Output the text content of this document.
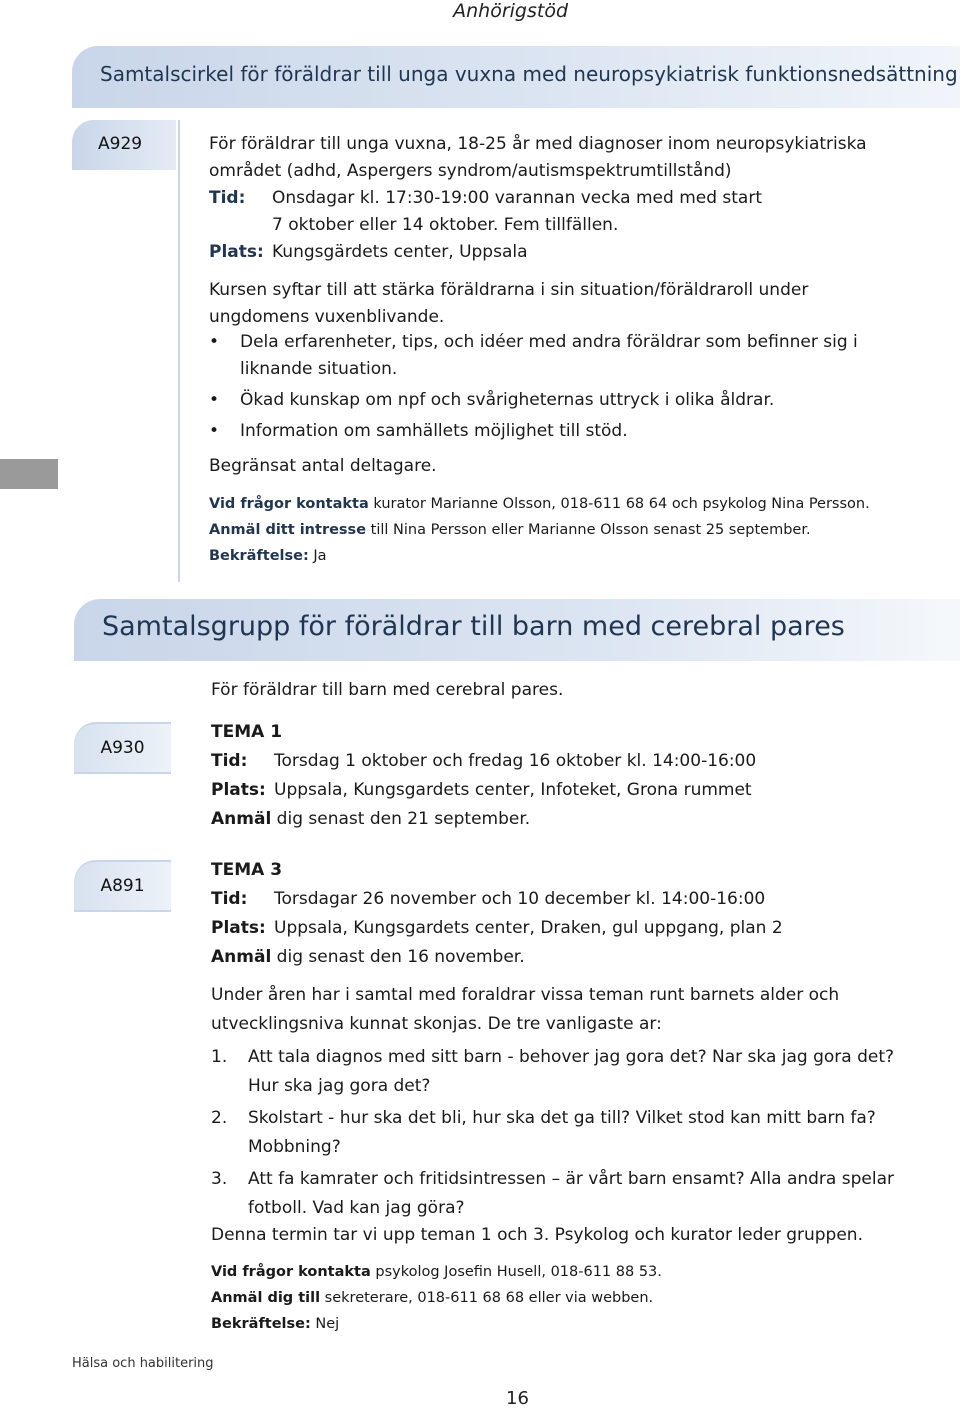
Anhörigstöd
Samtalscirkel för föräldrar till unga vuxna med neuropsykiatrisk funktionsnedsättning
A929	För föräldrar till unga vuxna, 18-25 år med diagnoser inom neuropsykiatriska
området (adhd, Aspergers syndrom/autismspektrumtillstånd)
Tid: Onsdagar kl. 17:30-19:00 varannan vecka med med start
7 oktober eller 14 oktober. Fem tillfällen.
Plats: Kungsgärdets center, Uppsala
Kursen syftar till att stärka föräldrarna i sin situation/föräldraroll under
ungdomens vuxenblivande.
• Dela erfarenheter, tips, och idéer med andra föräldrar som befinner sig i
liknande situation.
• Ökad kunskap om npf och svårigheternas uttryck i olika åldrar.
• Information om samhällets möjlighet till stöd.
Begränsat antal deltagare.
Vid frågor kontakta kurator Marianne Olsson, 018-611 68 64 och psykolog Nina Persson.
Anmäl ditt intresse till Nina Persson eller Marianne Olsson senast 25 september.
Bekräftelse: Ja
Samtalsgrupp för föräldrar till barn med cerebral pares
För föräldrar till barn med cerebral pares.
A930
TEMA 1
Tid: Torsdag 1 oktober och fredag 16 oktober kl. 14:00-16:00
Plats: Uppsala, Kungsgardets center, Infoteket, Grona rummet
Anmäl dig senast den 21 september.
A891
TEMA 3
Tid: Torsdagar 26 november och 10 december kl. 14:00-16:00
Plats: Uppsala, Kungsgardets center, Draken, gul uppgang, plan 2
Anmäl dig senast den 16 november.
Under åren har i samtal med foraldrar vissa teman runt barnets alder och
utvecklingsniva kunnat skonjas. De tre vanligaste ar:
1. Att tala diagnos med sitt barn - behover jag gora det? Nar ska jag gora det?
Hur ska jag gora det?
2. Skolstart - hur ska det bli, hur ska det ga till? Vilket stod kan mitt barn fa?
Mobbning?
3. Att fa kamrater och fritidsintressen – är vårt barn ensamt? Alla andra spelar
fotboll. Vad kan jag göra?
Denna termin tar vi upp teman 1 och 3. Psykolog och kurator leder gruppen.
Vid frågor kontakta psykolog Josefin Husell, 018-611 88 53.
Anmäl dig till sekreterare, 018-611 68 68 eller via webben.
Bekräftelse: Nej
Hälsa och habilitering
16
